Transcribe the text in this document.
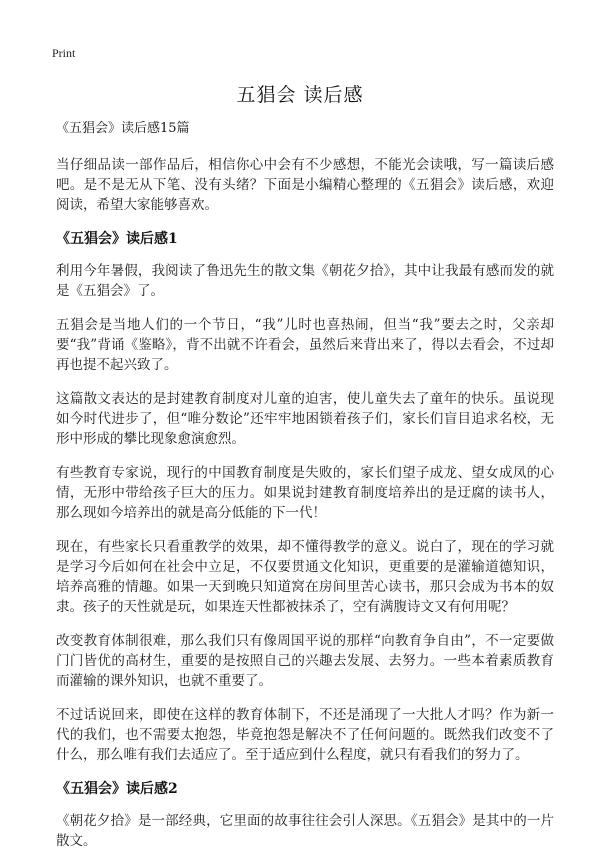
Print
五猖会 读后感

《五猖会》读后感15篇

当仔细品读一部作品后，相信你心中会有不少感想，不能光会读哦，写一篇读后感吧。是不是无从下笔、没有头绪？下面是小编精心整理的《五猖会》读后感，欢迎阅读，希望大家能够喜欢。

《五猖会》读后感1

利用今年暑假，我阅读了鲁迅先生的散文集《朝花夕拾》，其中让我最有感而发的就是《五猖会》了。

五猖会是当地人们的一个节日，“我”儿时也喜热闹，但当“我”要去之时，父亲却要“我”背诵《鉴略》，背不出就不许看会，虽然后来背出来了，得以去看会，不过却再也提不起兴致了。

这篇散文表达的是封建教育制度对儿童的迫害，使儿童失去了童年的快乐。虽说现如今时代进步了，但“唯分数论”还牢牢地困锁着孩子们，家长们盲目追求名校，无形中形成的攀比现象愈演愈烈。

有些教育专家说，现行的中国教育制度是失败的，家长们望子成龙、望女成凤的心情，无形中带给孩子巨大的压力。如果说封建教育制度培养出的是迂腐的读书人，那么现如今培养出的就是高分低能的下一代！

现在，有些家长只看重教学的效果，却不懂得教学的意义。说白了，现在的学习就是学习今后如何在社会中立足，不仅要贯通文化知识，更重要的是灌输道德知识，培养高雅的情趣。如果一天到晚只知道窝在房间里苦心读书，那只会成为书本的奴隶。孩子的天性就是玩，如果连天性都被抹杀了，空有满腹诗文又有何用呢？

改变教育体制很难，那么我们只有像周国平说的那样“向教育争自由”，不一定要做门门皆优的高材生，重要的是按照自己的兴趣去发展、去努力。一些本着素质教育而灌输的课外知识，也就不重要了。

不过话说回来，即使在这样的教育体制下，不还是涌现了一大批人才吗？作为新一代的我们，也不需要太抱怨，毕竟抱怨是解决不了任何问题的。既然我们改变不了什么，那么唯有我们去适应了。至于适应到什么程度，就只有看我们的努力了。

《五猖会》读后感2

《朝花夕拾》是一部经典，它里面的故事往往会引人深思。《五猖会》是其中的一片散文。
